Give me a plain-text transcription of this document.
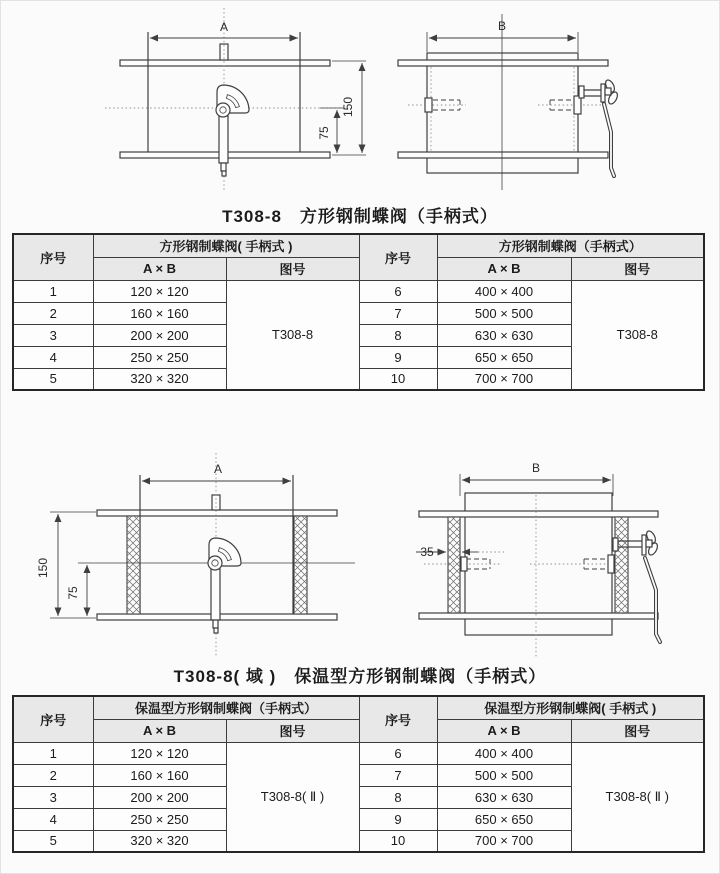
A
150
75
B
T308-8　方形钢制蝶阀（手柄式）
序号	方形钢制蝶阀( 手柄式 )		序号	方形钢制蝶阀（手柄式）	
	A × B	图号		A × B	图号
1	120 × 120	T308-8	6	400 × 400	T308-8
2	160 × 160		7	500 × 500	
3	200 × 200		8	630 × 630	
4	250 × 250		9	650 × 650	
5	320 × 320		10	700 × 700	
A
150
75
B
35
T308-8( 域 )　保温型方形钢制蝶阀（手柄式）
序号	保温型方形钢制蝶阀（手柄式）		序号	保温型方形钢制蝶阀( 手柄式 )	
	A × B	图号		A × B	图号
1	120 × 120	T308-8( Ⅱ )	6	400 × 400	T308-8( Ⅱ )
2	160 × 160		7	500 × 500	
3	200 × 200		8	630 × 630	
4	250 × 250		9	650 × 650	
5	320 × 320		10	700 × 700	
